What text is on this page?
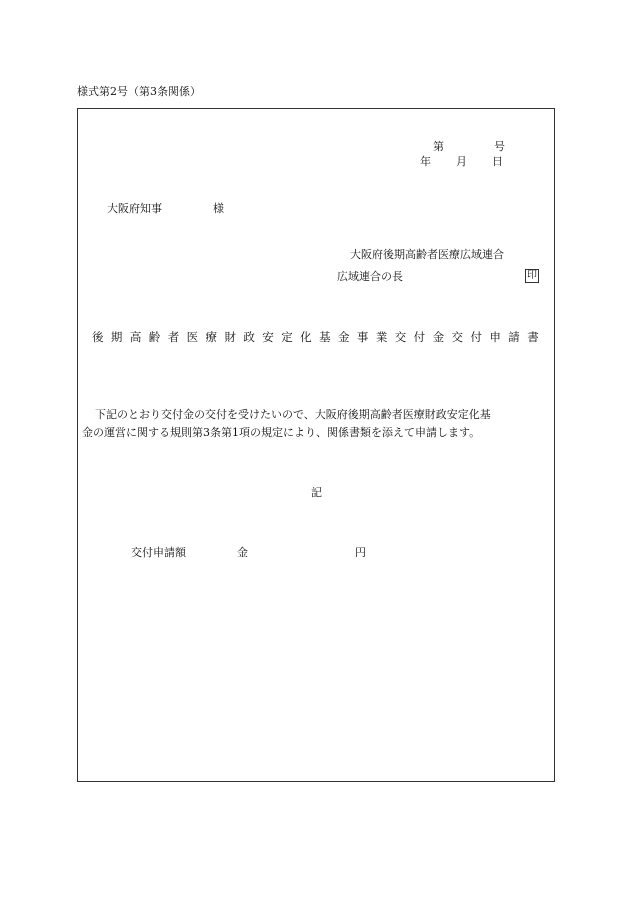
様式第2号（第3条関係）
第	号
年 月 日
大阪府知事	様
大阪府後期高齢者医療広域連合
広域連合の長	印
後 期 高 齢 者 医 療 財 政 安 定 化 基 金 事 業 交 付 金 交 付 申 請 書
下記のとおり交付金の交付を受けたいので、大阪府後期高齢者医療財政安定化基
金の運営に関する規則第3条第1項の規定により、関係書類を添えて申請します。
記
交付申請額	金	円
